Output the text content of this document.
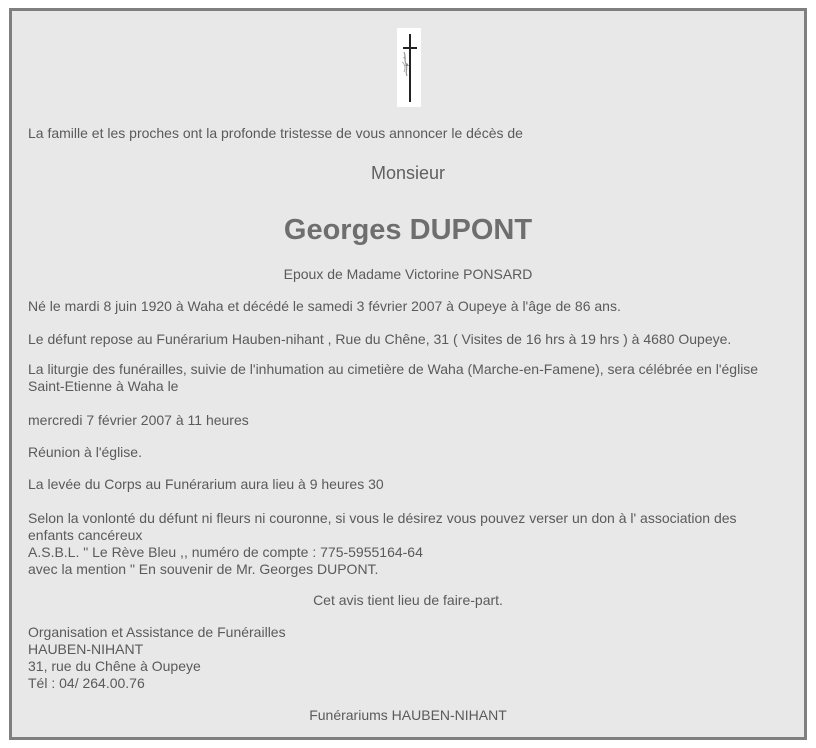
La famille et les proches ont la profonde tristesse de vous annoncer le décès de
Monsieur
Georges DUPONT
Epoux de Madame Victorine PONSARD
Né le mardi 8 juin 1920 à Waha et décédé le samedi 3 février 2007 à Oupeye à l'âge de 86 ans.
Le défunt repose au Funérarium Hauben-nihant , Rue du Chêne, 31 ( Visites de 16 hrs à 19 hrs ) à 4680 Oupeye.
La liturgie des funérailles, suivie de l'inhumation au cimetière de Waha (Marche-en-Famene), sera célébrée en l'église
Saint-Etienne à Waha le
mercredi 7 février 2007 à 11 heures
Réunion à l'église.
La levée du Corps au Funérarium aura lieu à 9 heures 30
Selon la vonlonté du défunt ni fleurs ni couronne, si vous le désirez vous pouvez verser un don à l' association des
enfants cancéreux
A.S.B.L. " Le Rève Bleu ,, numéro de compte : 775-5955164-64
avec la mention " En souvenir de Mr. Georges DUPONT.
Cet avis tient lieu de faire-part.
Organisation et Assistance de Funérailles
HAUBEN-NIHANT
31, rue du Chêne à Oupeye
Tél : 04/ 264.00.76
Funérariums HAUBEN-NIHANT
